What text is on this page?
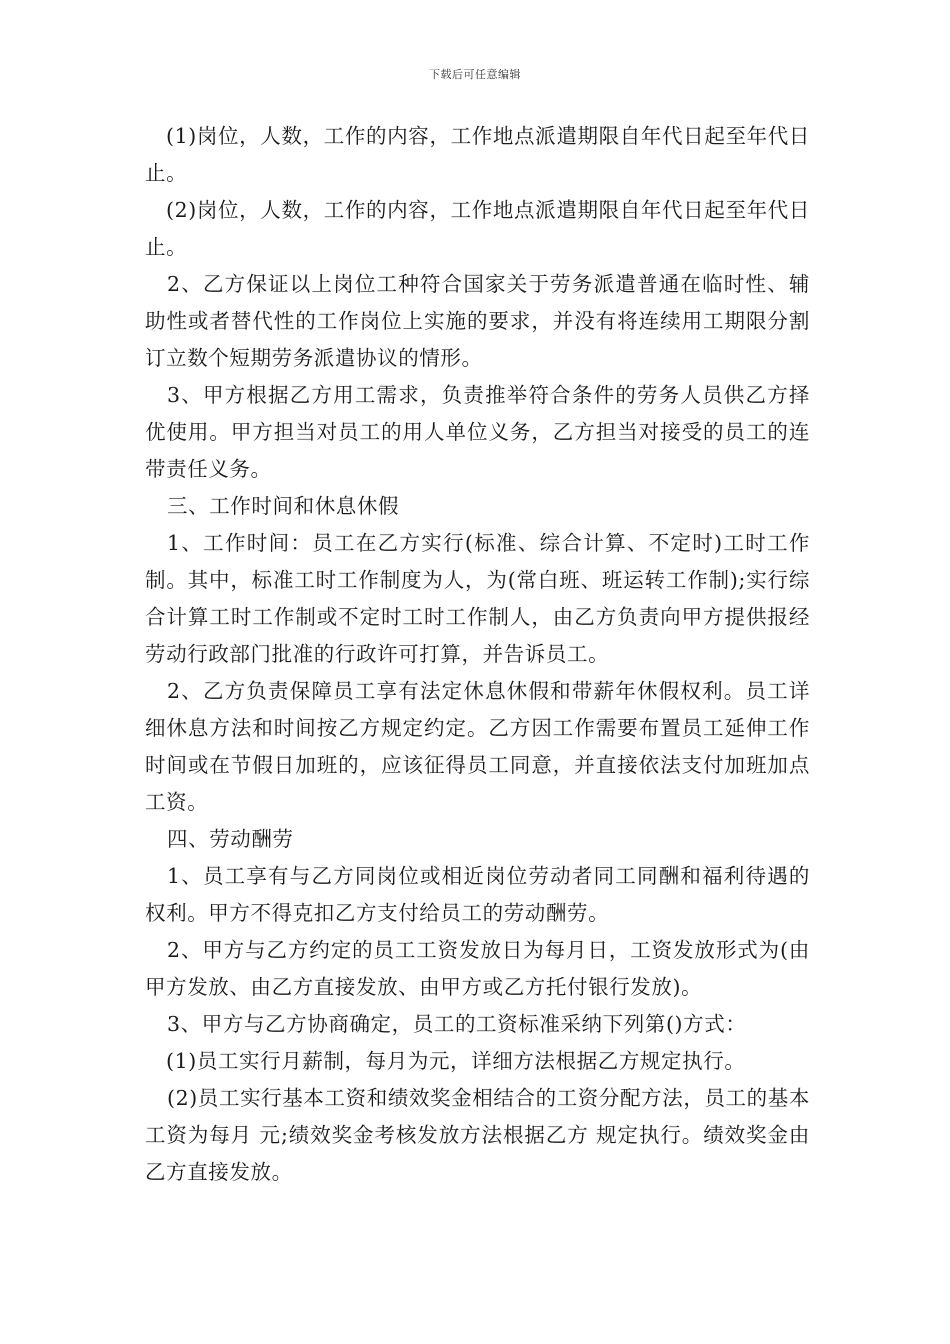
下载后可任意编辑

(1)岗位，人数，工作的内容，工作地点派遣期限自年代日起至年代日止。

(2)岗位，人数，工作的内容，工作地点派遣期限自年代日起至年代日止。

2、乙方保证以上岗位工种符合国家关于劳务派遣普通在临时性、辅助性或者替代性的工作岗位上实施的要求，并没有将连续用工期限分割订立数个短期劳务派遣协议的情形。

3、甲方根据乙方用工需求，负责推举符合条件的劳务人员供乙方择优使用。甲方担当对员工的用人单位义务，乙方担当对接受的员工的连带责任义务。

三、工作时间和休息休假

1、工作时间：员工在乙方实行(标准、综合计算、不定时)工时工作制。其中，标准工时工作制度为人，为(常白班、班运转工作制);实行综合计算工时工作制或不定时工时工作制人，由乙方负责向甲方提供报经劳动行政部门批准的行政许可打算，并告诉员工。

2、乙方负责保障员工享有法定休息休假和带薪年休假权利。员工详细休息方法和时间按乙方规定约定。乙方因工作需要布置员工延伸工作时间或在节假日加班的，应该征得员工同意，并直接依法支付加班加点工资。

四、劳动酬劳

1、员工享有与乙方同岗位或相近岗位劳动者同工同酬和福利待遇的权利。甲方不得克扣乙方支付给员工的劳动酬劳。

2、甲方与乙方约定的员工工资发放日为每月日，工资发放形式为(由甲方发放、由乙方直接发放、由甲方或乙方托付银行发放)。

3、甲方与乙方协商确定，员工的工资标准采纳下列第()方式：

(1)员工实行月薪制，每月为元，详细方法根据乙方规定执行。

(2)员工实行基本工资和绩效奖金相结合的工资分配方法，员工的基本工资为每月 元;绩效奖金考核发放方法根据乙方 规定执行。绩效奖金由乙方直接发放。
